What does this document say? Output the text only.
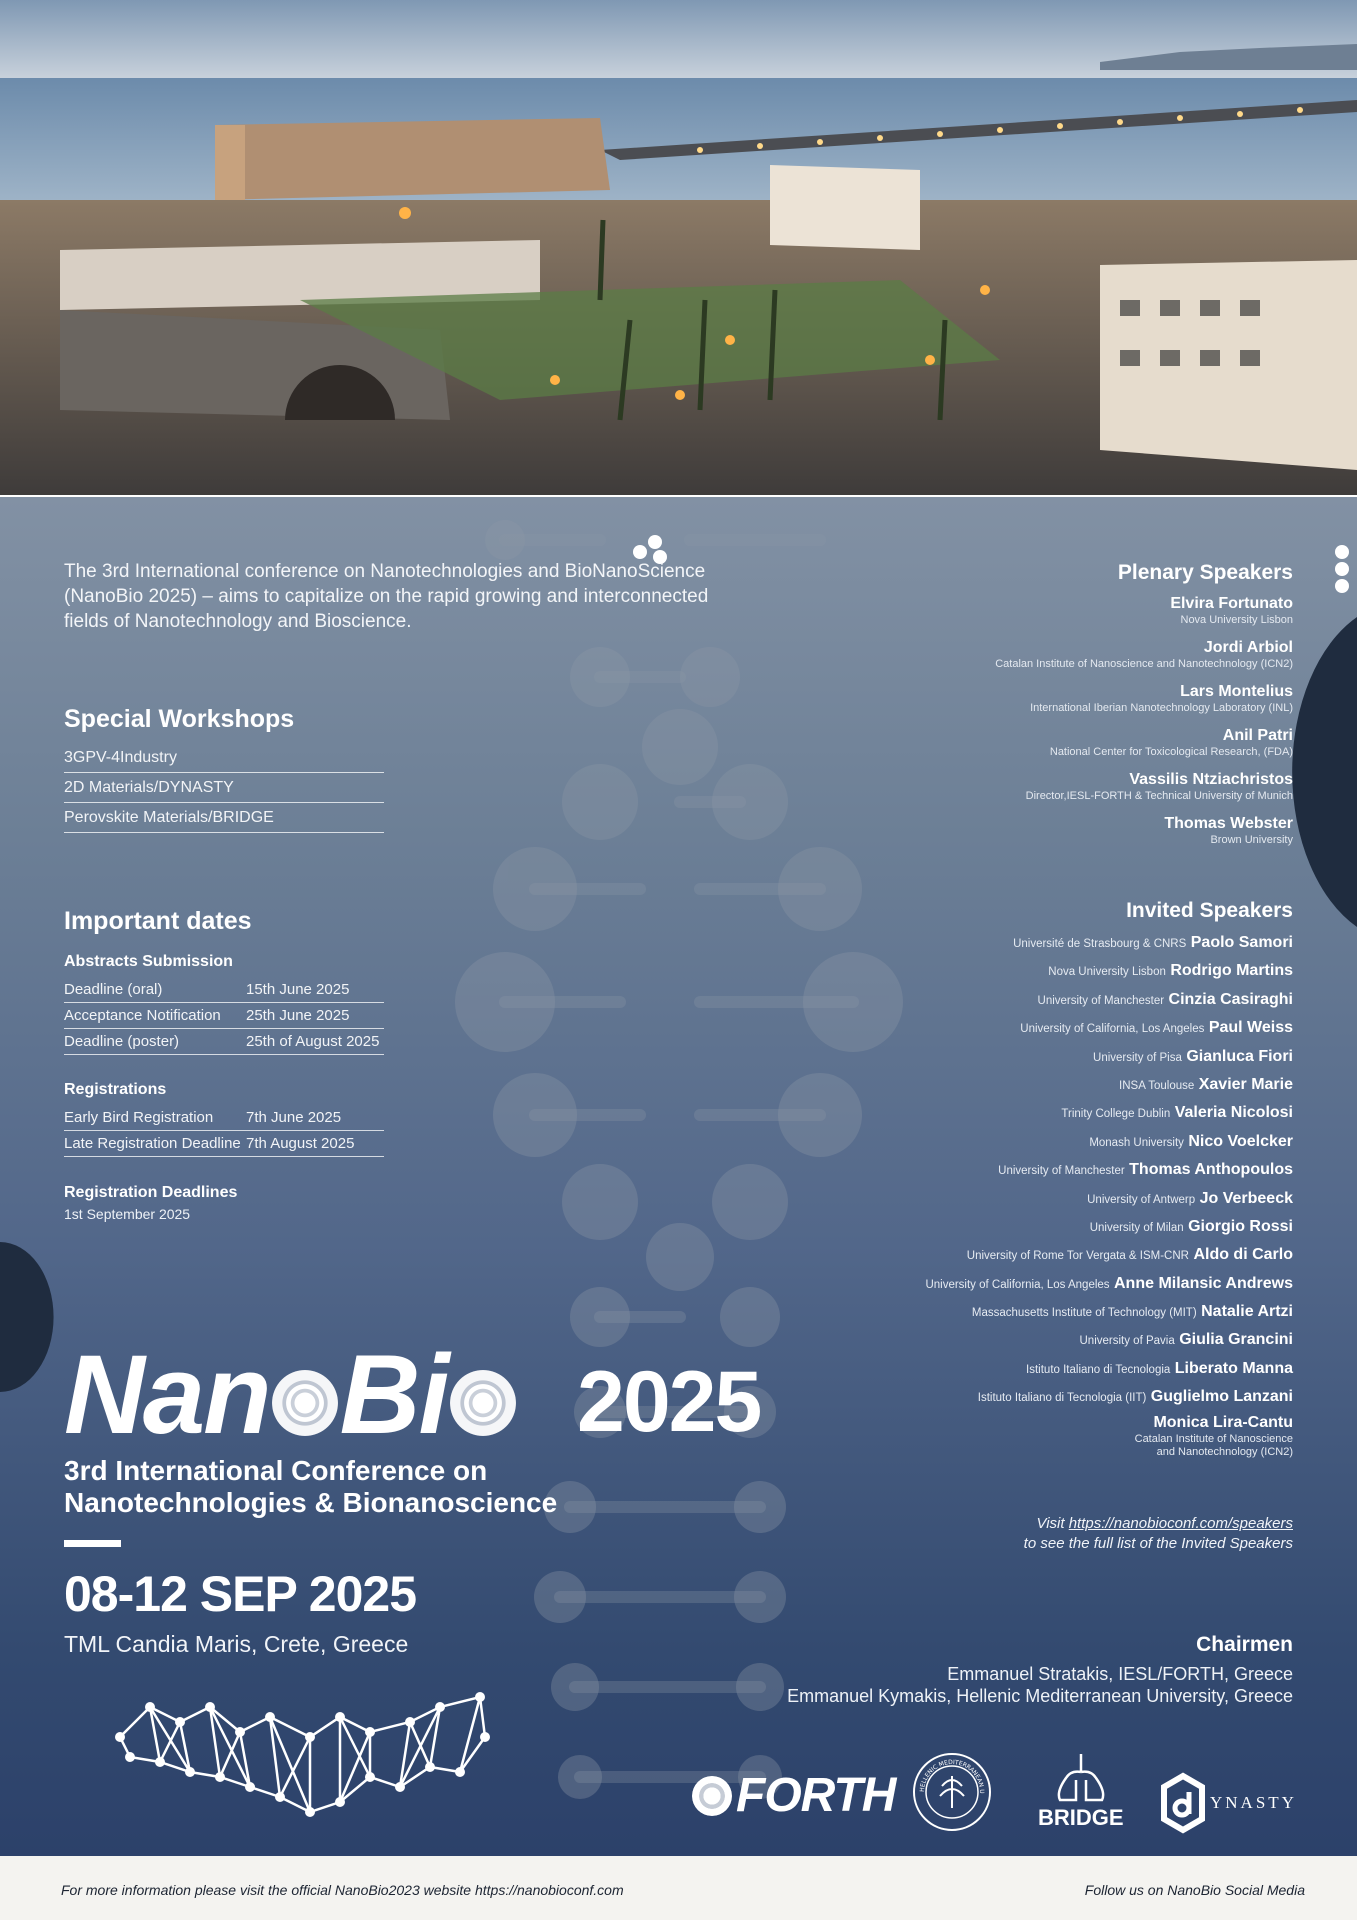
The 3rd International conference on Nanotechnologies and BioNanoScience (NanoBio 2025) – aims to capitalize on the rapid growing and interconnected fields of Nanotechnology and Bioscience.
Special Workshops
3GPV-4Industry
2D Materials/DYNASTY
Perovskite Materials/BRIDGE
Important dates
Abstracts Submission
Deadline (oral)	15th June 2025
Acceptance Notification	25th June 2025
Deadline (poster)	25th of August 2025
Registrations
Early Bird Registration	7th June 2025
Late Registration Deadline 7th August 2025
Registration Deadlines
1st September 2025
Plenary Speakers
Elvira Fortunato
Nova University Lisbon
Jordi Arbiol
Catalan Institute of Nanoscience and Nanotechnology (ICN2)
Lars Montelius
International Iberian Nanotechnology Laboratory (INL)
Anil Patri
National Center for Toxicological Research, (FDA)
Vassilis Ntziachristos
Director,IESL-FORTH & Technical University of Munich
Thomas Webster
Brown University
Invited Speakers
Université de Strasbourg & CNRS Paolo Samori
Nova University Lisbon Rodrigo Martins
University of Manchester Cinzia Casiraghi
University of California, Los Angeles Paul Weiss
University of Pisa Gianluca Fiori
INSA Toulouse Xavier Marie
Trinity College Dublin Valeria Nicolosi
Monash University Nico Voelcker
University of Manchester Thomas Anthopoulos
University of Antwerp Jo Verbeeck
University of Milan Giorgio Rossi
University of Rome Tor Vergata & ISM-CNR Aldo di Carlo
University of California, Los Angeles Anne Milansic Andrews
Massachusetts Institute of Technology (MIT) Natalie Artzi
University of Pavia Giulia Grancini
Istituto Italiano di Tecnologia Liberato Manna
Istituto Italiano di Tecnologia (IIT) Guglielmo Lanzani
Monica Lira-Cantu
Catalan Institute of Nanoscience
and Nanotechnology (ICN2)
Visit https://nanobioconf.com/speakers
to see the full list of the Invited Speakers
Nan Bi	2025
3rd International Conference on
Nanotechnologies & Bionanoscience
08-12 SEP 2025
TML Candia Maris, Crete, Greece	Chairmen
Emmanuel Stratakis, IESL/FORTH, Greece
Emmanuel Kymakis, Hellenic Mediterranean University, Greece
FORTH	HELLENIC MEDITERRANEAN U
BRIDGE
YNASTY
For more information please visit the official NanoBio2023 website https://nanobioconf.com	Follow us on NanoBio Social Media
